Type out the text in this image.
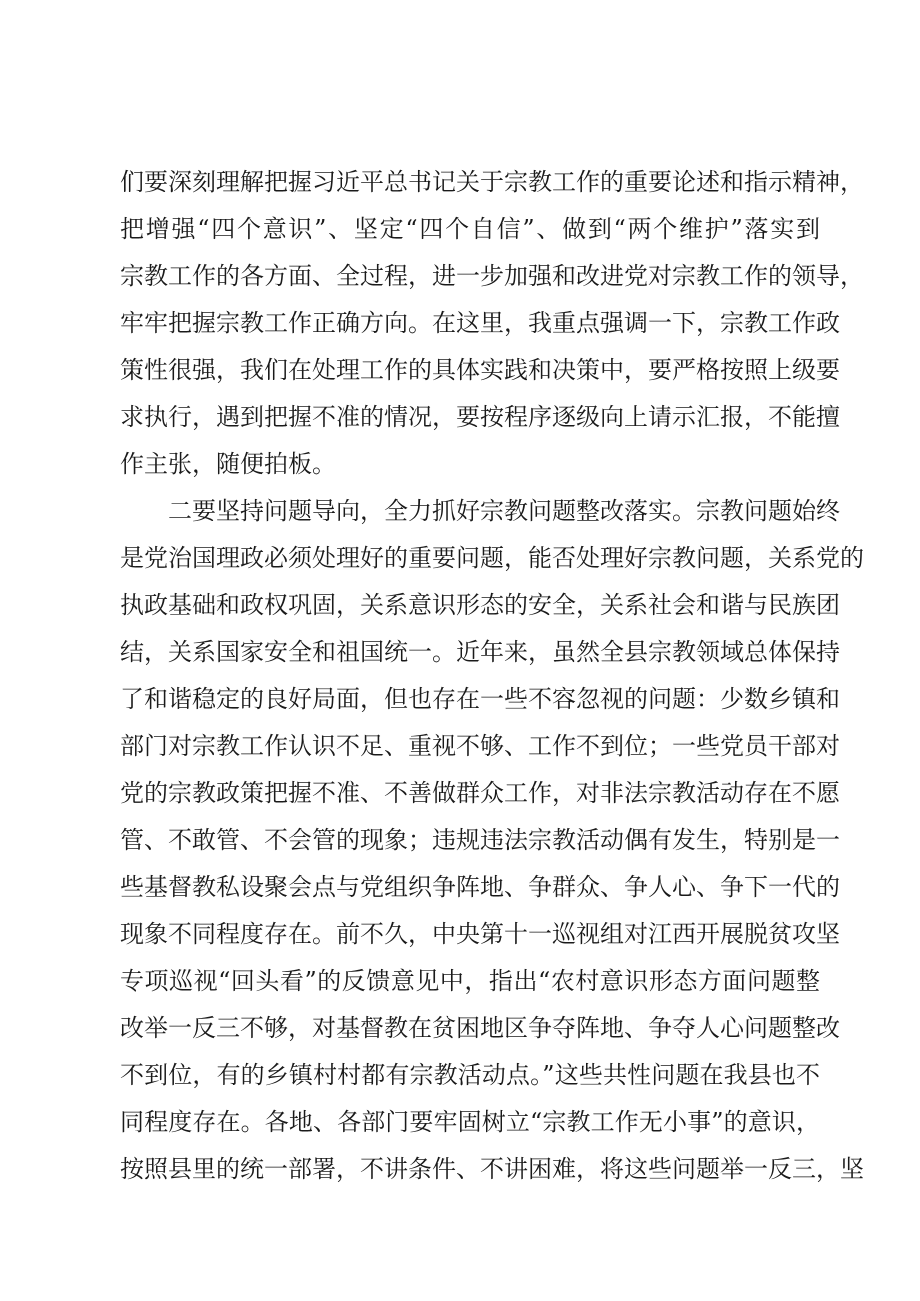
们要深刻理解把握习近平总书记关于宗教工作的重要论述和指示精神，
把增强“四个意识”、坚定“四个自信”、做到“两个维护”落实到
宗教工作的各方面、全过程，进一步加强和改进党对宗教工作的领导，
牢牢把握宗教工作正确方向。在这里，我重点强调一下，宗教工作政
策性很强，我们在处理工作的具体实践和决策中，要严格按照上级要
求执行，遇到把握不准的情况，要按程序逐级向上请示汇报，不能擅
作主张，随便拍板。
二要坚持问题导向，全力抓好宗教问题整改落实。宗教问题始终
是党治国理政必须处理好的重要问题，能否处理好宗教问题，关系党的
执政基础和政权巩固，关系意识形态的安全，关系社会和谐与民族团
结，关系国家安全和祖国统一。近年来，虽然全县宗教领域总体保持
了和谐稳定的良好局面，但也存在一些不容忽视的问题：少数乡镇和
部门对宗教工作认识不足、重视不够、工作不到位；一些党员干部对
党的宗教政策把握不准、不善做群众工作，对非法宗教活动存在不愿
管、不敢管、不会管的现象；违规违法宗教活动偶有发生，特别是一
些基督教私设聚会点与党组织争阵地、争群众、争人心、争下一代的
现象不同程度存在。前不久，中央第十一巡视组对江西开展脱贫攻坚
专项巡视“回头看”的反馈意见中，指出“农村意识形态方面问题整
改举一反三不够，对基督教在贫困地区争夺阵地、争夺人心问题整改
不到位，有的乡镇村村都有宗教活动点。”这些共性问题在我县也不
同程度存在。各地、各部门要牢固树立“宗教工作无小事”的意识，
按照县里的统一部署，不讲条件、不讲困难，将这些问题举一反三，坚
